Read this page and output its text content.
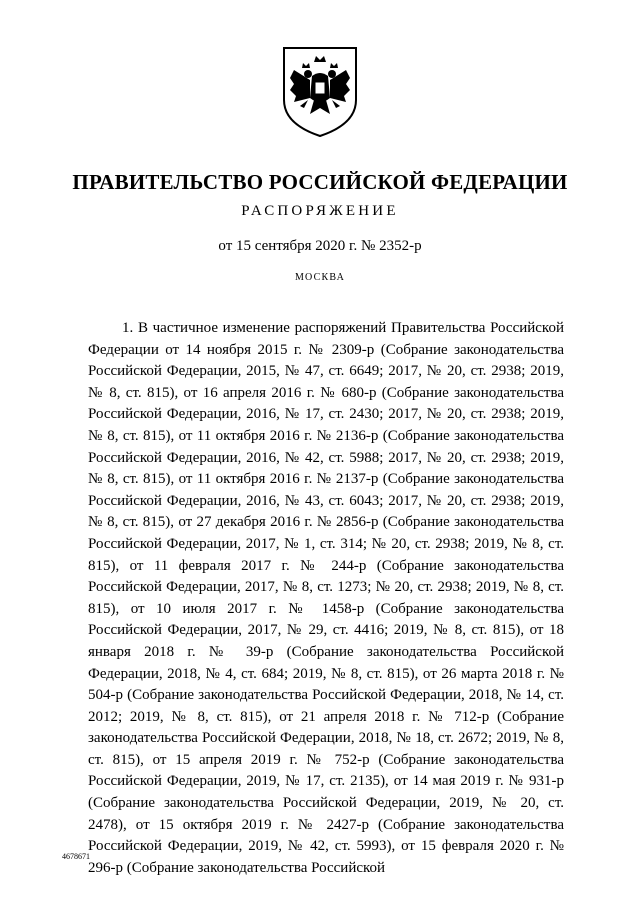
ПРАВИТЕЛЬСТВО РОССИЙСКОЙ ФЕДЕРАЦИИ
РАСПОРЯЖЕНИЕ
от 15 сентября 2020 г. № 2352-р
МОСКВА

1. В частичное изменение распоряжений Правительства Российской Федерации от 14 ноября 2015 г. № 2309-р (Собрание законодательства Российской Федерации, 2015, № 47, ст. 6649; 2017, № 20, ст. 2938; 2019, № 8, ст. 815), от 16 апреля 2016 г. № 680-р (Собрание законодательства Российской Федерации, 2016, № 17, ст. 2430; 2017, № 20, ст. 2938; 2019, № 8, ст. 815), от 11 октября 2016 г. № 2136-р (Собрание законодательства Российской Федерации, 2016, № 42, ст. 5988; 2017, № 20, ст. 2938; 2019, № 8, ст. 815), от 11 октября 2016 г. № 2137-р (Собрание законодательства Российской Федерации, 2016, № 43, ст. 6043; 2017, № 20, ст. 2938; 2019, № 8, ст. 815), от 27 декабря 2016 г. № 2856-р (Собрание законодательства Российской Федерации, 2017, № 1, ст. 314; № 20, ст. 2938; 2019, № 8, ст. 815), от 11 февраля 2017 г. № 244-р (Собрание законодательства Российской Федерации, 2017, № 8, ст. 1273; № 20, ст. 2938; 2019, № 8, ст. 815), от 10 июля 2017 г. № 1458-р (Собрание законодательства Российской Федерации, 2017, № 29, ст. 4416; 2019, № 8, ст. 815), от 18 января 2018 г. № 39-р (Собрание законодательства Российской Федерации, 2018, № 4, ст. 684; 2019, № 8, ст. 815), от 26 марта 2018 г. № 504-р (Собрание законодательства Российской Федерации, 2018, № 14, ст. 2012; 2019, № 8, ст. 815), от 21 апреля 2018 г. № 712-р (Собрание законодательства Российской Федерации, 2018, № 18, ст. 2672; 2019, № 8, ст. 815), от 15 апреля 2019 г. № 752-р (Собрание законодательства Российской Федерации, 2019, № 17, ст. 2135), от 14 мая 2019 г. № 931-р (Собрание законодательства Российской Федерации, 2019, № 20, ст. 2478), от 15 октября 2019 г. № 2427-р (Собрание законодательства Российской Федерации, 2019, № 42, ст. 5993), от 15 февраля 2020 г. № 296-р (Собрание законодательства Российской

4678671
